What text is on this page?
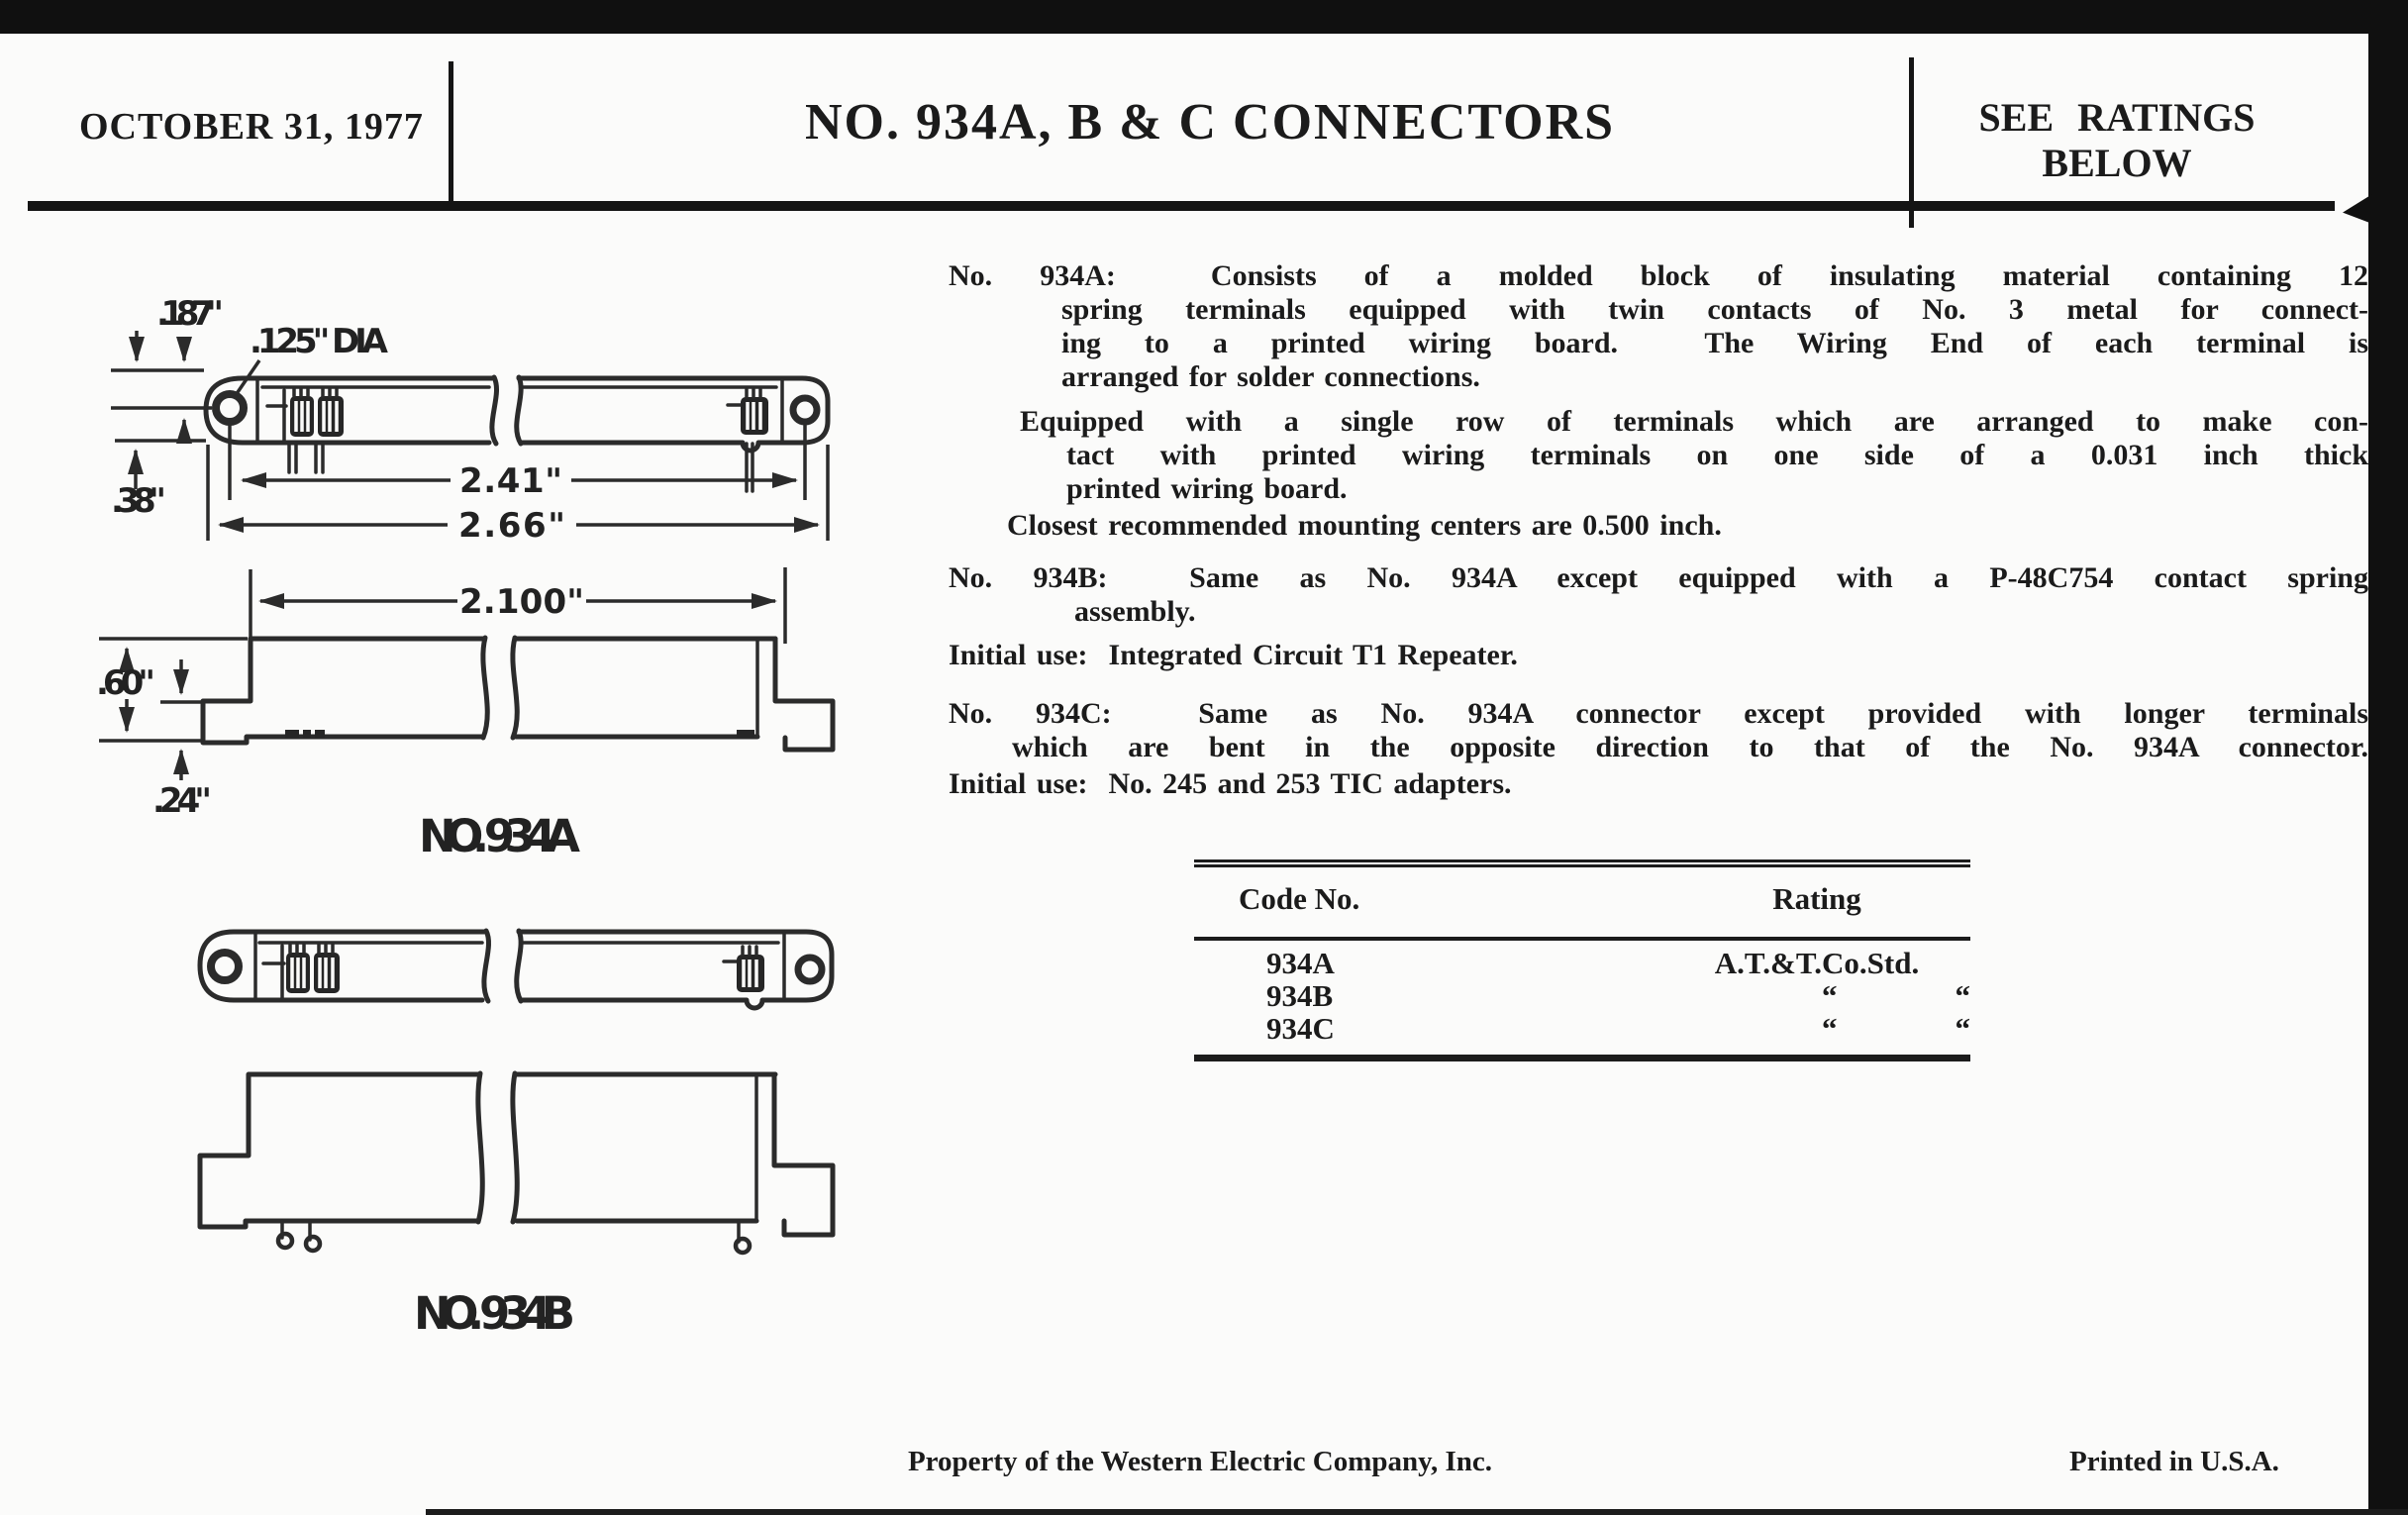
OCTOBER 31, 1977	NO. 934A, B & C CONNECTORS	SEE RATINGS
BELOW
No. 934A:  Consists of a molded block of insulating material containing 12
spring terminals equipped with twin contacts of No. 3 metal for connect-
ing to a printed wiring board.  The Wiring End of each terminal is
arranged for solder connections.
Equipped with a single row of terminals which are arranged to make con-
tact with printed wiring terminals on one side of a 0.031 inch thick
printed wiring board.
Closest recommended mounting centers are 0.500 inch.
No. 934B:  Same as No. 934A except equipped with a P-48C754 contact spring
assembly.
Initial use:  Integrated Circuit T1 Repeater.
No. 934C:  Same as No. 934A connector except provided with longer terminals
which are bent in the opposite direction to that of the No. 934A connector.
Initial use:  No. 245 and 253 TIC adapters.
Code No.	Rating
934A	A.T.&T.Co.Std.
934B	“	“
934C	“	“
Property of the Western Electric Company, Inc.	Printed in U.S.A.
.187"
.125" DIA
.38"	2.41"
2.66"
2.100"
.60"
.24"
NO. 934A
NO. 934B
